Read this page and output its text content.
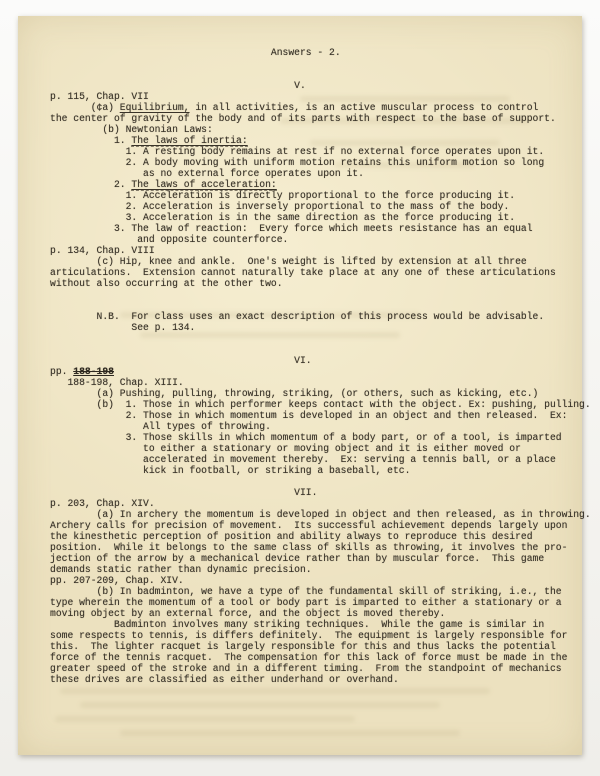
Answers - 2.

V.
p. 115, Chap. VII
(¢a) Equilibrium, in all activities, is an active muscular process to control
the center of gravity of the body and of its parts with respect to the base of support.
(b) Newtonian Laws:
1. The laws of inertia:
1. A resting body remains at rest if no external force operates upon it.
2. A body moving with uniform motion retains this uniform motion so long
as no external force operates upon it.
2. The laws of acceleration:
1. Acceleration is directly proportional to the force producing it.
2. Acceleration is inversely proportional to the mass of the body.
3. Acceleration is in the same direction as the force producing it.
3. The law of reaction:  Every force which meets resistance has an equal
and opposite counterforce.
p. 134, Chap. VIII
(c) Hip, knee and ankle.  One's weight is lifted by extension at all three
articulations.  Extension cannot naturally take place at any one of these articulations
without also occurring at the other two.

N.B.  For class uses an exact description of this process would be advisable.
See p. 134.

VI.
pp. 188-198
188-198, Chap. XIII.
(a) Pushing, pulling, throwing, striking, (or others, such as kicking, etc.)
(b)  1. Those in which performer keeps contact with the object. Ex: pushing, pulling.
2. Those in which momentum is developed in an object and then released.  Ex:
All types of throwing.
3. Those skills in which momentum of a body part, or of a tool, is imparted
to either a stationary or moving object and it is either moved or
accelerated in movement thereby.  Ex: serving a tennis ball, or a place
kick in football, or striking a baseball, etc.

VII.
p. 203, Chap. XIV.
(a) In archery the momentum is developed in object and then released, as in throwing.
Archery calls for precision of movement.  Its successful achievement depends largely upon
the kinesthetic perception of position and ability always to reproduce this desired
position.  While it belongs to the same class of skills as throwing, it involves the pro-
jection of the arrow by a mechanical device rather than by muscular force.  This game
demands static rather than dynamic precision.
pp. 207-209, Chap. XIV.
(b) In badminton, we have a type of the fundamental skill of striking, i.e., the
type wherein the momentum of a tool or body part is imparted to either a stationary or a
moving object by an external force, and the object is moved thereby.
Badminton involves many striking techniques.  While the game is similar in
some respects to tennis, is differs definitely.  The equipment is largely responsible for
this.  The lighter racquet is largely responsible for this and thus lacks the potential
force of the tennis racquet.  The compensation for this lack of force must be made in the
greater speed of the stroke and in a different timing.  From the standpoint of mechanics
these drives are classified as either underhand or overhand.
